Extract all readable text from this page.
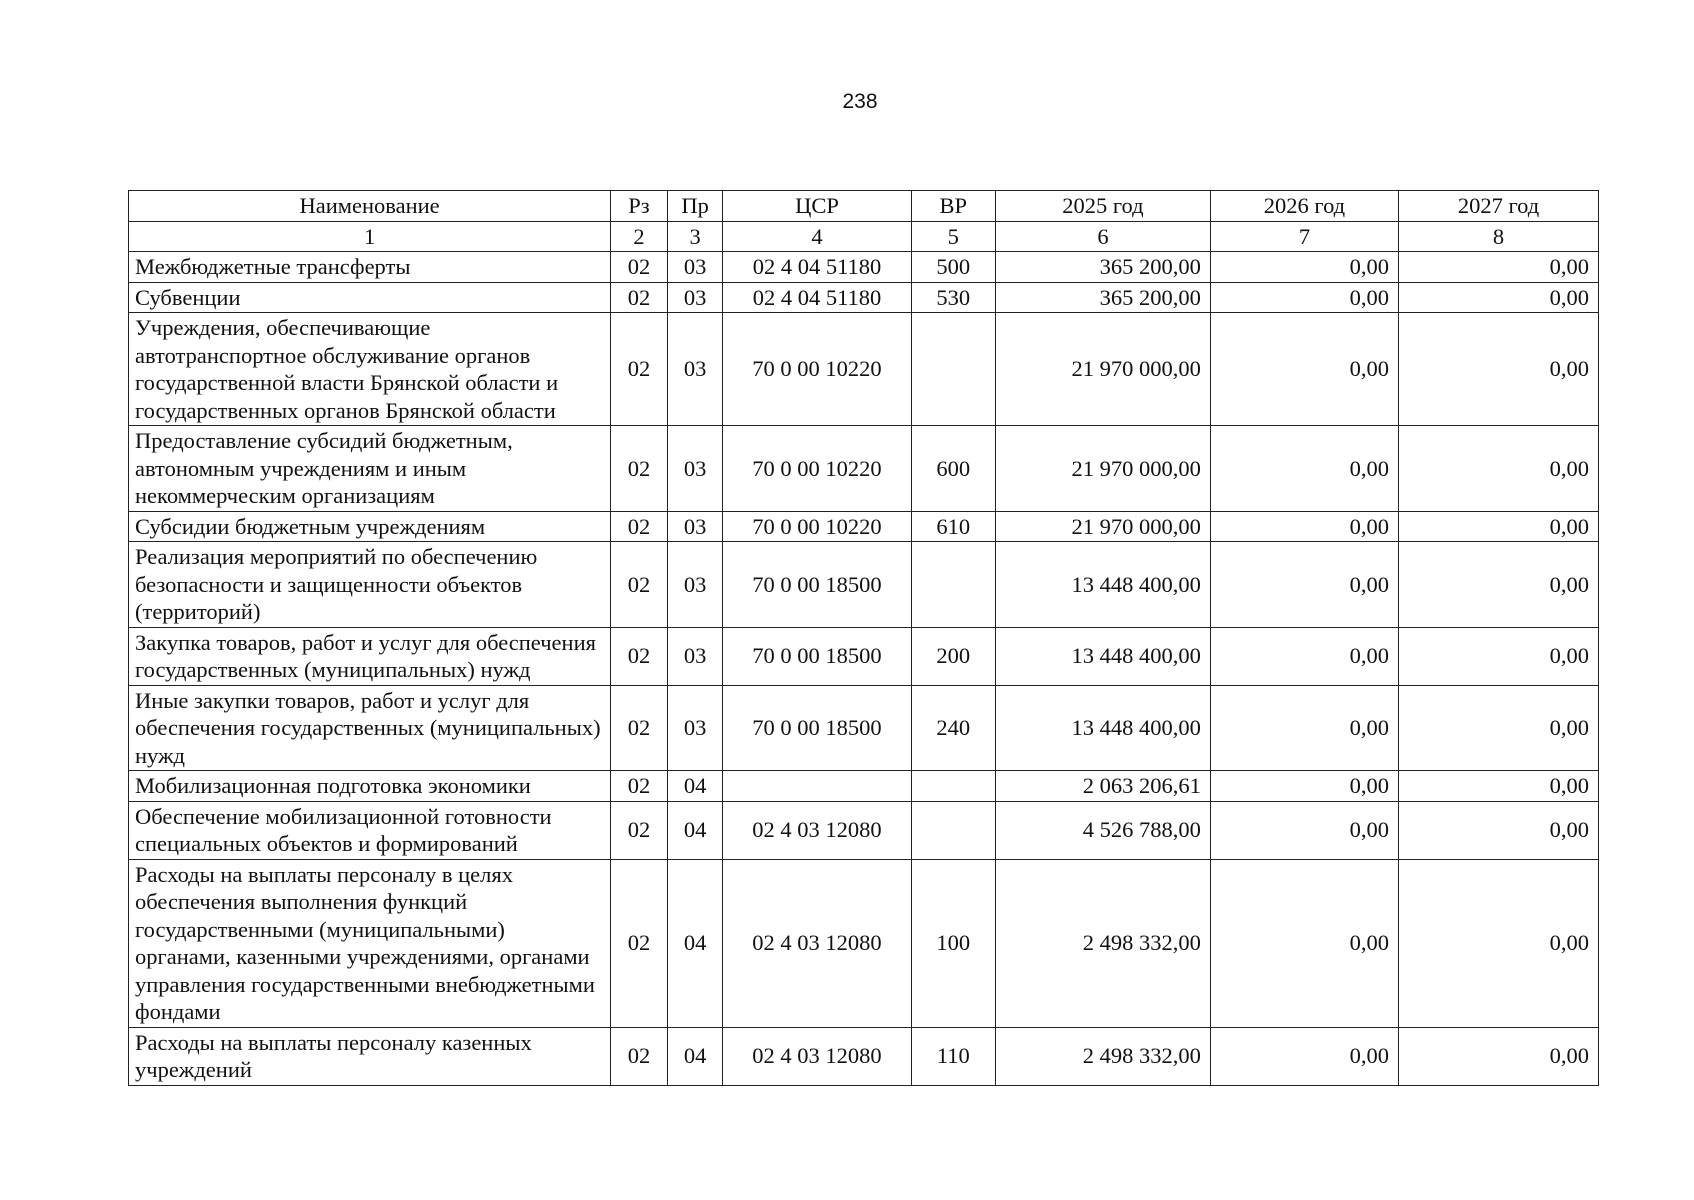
238
Наименование	Рз	Пр	ЦСР	ВР	2025 год	2026 год	2027 год
1	2	3	4	5	6	7	8
Межбюджетные трансферты	02	03	02 4 04 51180	500	365 200,00	0,00	0,00
Субвенции	02	03	02 4 04 51180	530	365 200,00	0,00	0,00
Учреждения, обеспечивающие автотранспортное обслуживание органов государственной власти Брянской области и государственных органов Брянской области	02	03	70 0 00 10220		21 970 000,00	0,00	0,00
Предоставление субсидий бюджетным, автономным учреждениям и иным некоммерческим организациям	02	03	70 0 00 10220	600	21 970 000,00	0,00	0,00
Субсидии бюджетным учреждениям	02	03	70 0 00 10220	610	21 970 000,00	0,00	0,00
Реализация мероприятий по обеспечению безопасности и защищенности объектов (территорий)	02	03	70 0 00 18500		13 448 400,00	0,00	0,00
Закупка товаров, работ и услуг для обеспечения государственных (муниципальных) нужд	02	03	70 0 00 18500	200	13 448 400,00	0,00	0,00
Иные закупки товаров, работ и услуг для обеспечения государственных (муниципальных) нужд	02	03	70 0 00 18500	240	13 448 400,00	0,00	0,00
Мобилизационная подготовка экономики	02	04			2 063 206,61	0,00	0,00
Обеспечение мобилизационной готовности специальных объектов и формирований	02	04	02 4 03 12080		4 526 788,00	0,00	0,00
Расходы на выплаты персоналу в целях обеспечения выполнения функций государственными (муниципальными) органами, казенными учреждениями, органами управления государственными внебюджетными фондами	02	04	02 4 03 12080	100	2 498 332,00	0,00	0,00
Расходы на выплаты персоналу казенных учреждений	02	04	02 4 03 12080	110	2 498 332,00	0,00	0,00
